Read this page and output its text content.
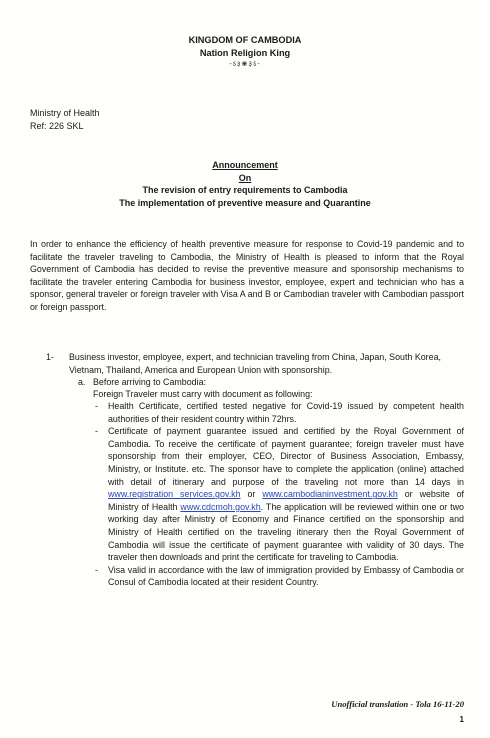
KINGDOM OF CAMBODIA
Nation Religion King
-ऽ३❀३ऽ-
Ministry of Health
Ref: 226 SKL
Announcement
On
The revision of entry requirements to Cambodia
The implementation of preventive measure and Quarantine
In order to enhance the efficiency of health preventive measure for response to Covid-19 pandemic and to facilitate the traveler traveling to Cambodia, the Ministry of Health is pleased to inform that the Royal Government of Cambodia has decided to revise the preventive measure and sponsorship mechanisms to facilitate the traveler entering Cambodia for business investor, employee, expert and technician who has a sponsor, general traveler or foreign traveler with Visa A and B or Cambodian traveler with Cambodian passport or foreign passport.
1- Business investor, employee, expert, and technician traveling from China, Japan, South Korea, Vietnam, Thailand, America and European Union with sponsorship.
a. Before arriving to Cambodia:
Foreign Traveler must carry with document as following:
- Health Certificate, certified tested negative for Covid-19 issued by competent health authorities of their resident country within 72hrs.
- Certificate of payment guarantee issued and certified by the Royal Government of Cambodia. To receive the certificate of payment guarantee; foreign traveler must have sponsorship from their employer, CEO, Director of Business Association, Embassy, Ministry, or Institute. etc. The sponsor have to complete the application (online) attached with detail of itinerary and purpose of the traveling not more than 14 days in www.registration services.gov.kh or www.cambodianinvestment.gov.kh or website of Ministry of Health www.cdcmoh.gov.kh. The application will be reviewed within one or two working day after Ministry of Economy and Finance certified on the sponsorship and Ministry of Health certified on the traveling itinerary then the Royal Government of Cambodia will issue the certificate of payment guarantee with validity of 30 days. The traveler then downloads and print the certificate for traveling to Cambodia.
- Visa valid in accordance with the law of immigration provided by Embassy of Cambodia or Consul of Cambodia located at their resident Country.
Unofficial translation - Tola 16-11-20
1
